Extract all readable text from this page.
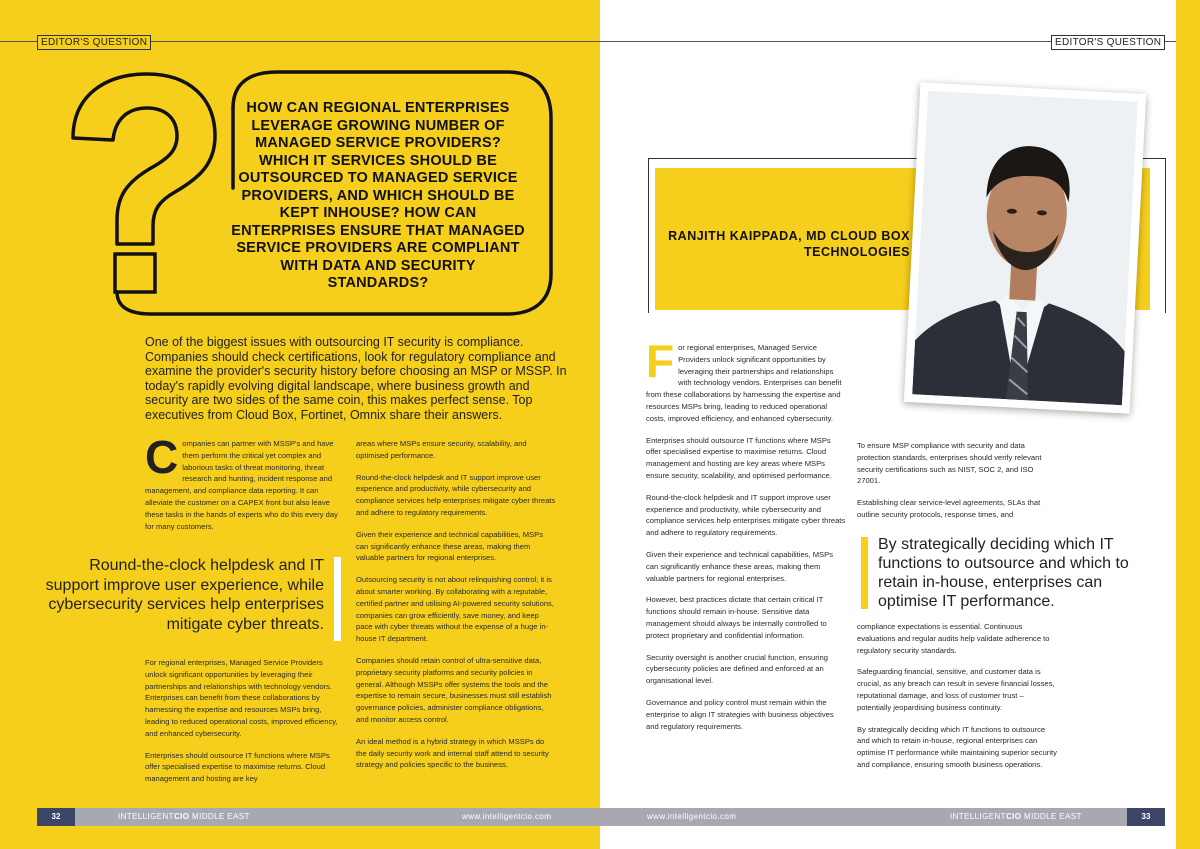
EDITOR'S QUESTION	EDITOR'S QUESTION
HOW CAN REGIONAL ENTERPRISES LEVERAGE GROWING NUMBER OF MANAGED SERVICE PROVIDERS? WHICH IT SERVICES SHOULD BE OUTSOURCED TO MANAGED SERVICE PROVIDERS, AND WHICH SHOULD BE KEPT INHOUSE? HOW CAN ENTERPRISES ENSURE THAT MANAGED SERVICE PROVIDERS ARE COMPLIANT WITH DATA AND SECURITY STANDARDS?
One of the biggest issues with outsourcing IT security is compliance. Companies should check certifications, look for regulatory compliance and examine the provider's security history before choosing an MSP or MSSP. In today's rapidly evolving digital landscape, where business growth and security are two sides of the same coin, this makes perfect sense. Top executives from Cloud Box, Fortinet, Omnix share their answers.

Companies can partner with MSSP's and have them perform the critical yet complex and laborious tasks of threat monitoring, threat research and hunting, incident response and management, and compliance data reporting. It can alleviate the customer on a CAPEX front but also leave these tasks in the hands of experts who do this every day for many customers.

For regional enterprises, Managed Service Providers unlock significant opportunities by leveraging their partnerships and relationships with technology vendors. Enterprises can benefit from these collaborations by harnessing the expertise and resources MSPs bring, leading to reduced operational costs, improved efficiency, and enhanced cybersecurity.

Enterprises should outsource IT functions where MSPs offer specialised expertise to maximise returns. Cloud management and hosting are key

Round-the-clock helpdesk and IT support improve user experience, while cybersecurity services help enterprises mitigate cyber threats.

areas where MSPs ensure security, scalability, and optimised performance.

Round-the-clock helpdesk and IT support improve user experience and productivity, while cybersecurity and compliance services help enterprises mitigate cyber threats and adhere to regulatory requirements.

Given their experience and technical capabilities, MSPs can significantly enhance these areas, making them valuable partners for regional enterprises.

Outsourcing security is not about relinquishing control; it is about smarter working. By collaborating with a reputable, certified partner and utilising AI-powered security solutions, companies can grow efficiently, save money, and keep pace with cyber threats without the expense of a huge in-house IT department.

Companies should retain control of ultra-sensitive data, proprietary security platforms and security policies in general. Although MSSPs offer systems the tools and the expertise to remain secure, businesses must still establish governance policies, administer compliance obligations, and monitor access control.

An ideal method is a hybrid strategy in which MSSPs do the daily security work and internal staff attend to security strategy and policies specific to the business.

RANJITH KAIPPADA, MD CLOUD BOX TECHNOLOGIES

For regional enterprises, Managed Service Providers unlock significant opportunities by leveraging their partnerships and relationships with technology vendors. Enterprises can benefit from these collaborations by harnessing the expertise and resources MSPs bring, leading to reduced operational costs, improved efficiency, and enhanced cybersecurity.

Enterprises should outsource IT functions where MSPs offer specialised expertise to maximise returns. Cloud management and hosting are key areas where MSPs ensure security, scalability, and optimised performance.

Round-the-clock helpdesk and IT support improve user experience and productivity, while cybersecurity and compliance services help enterprises mitigate cyber threats and adhere to regulatory requirements.

Given their experience and technical capabilities, MSPs can significantly enhance these areas, making them valuable partners for regional enterprises.

However, best practices dictate that certain critical IT functions should remain in-house. Sensitive data management should always be internally controlled to protect proprietary and confidential information.

Security oversight is another crucial function, ensuring cybersecurity policies are defined and enforced at an organisational level.

Governance and policy control must remain within the enterprise to align IT strategies with business objectives and regulatory requirements.

To ensure MSP compliance with security and data protection standards, enterprises should verify relevant security certifications such as NIST, SOC 2, and ISO 27001.

Establishing clear service-level agreements, SLAs that outline security protocols, response times, and

By strategically deciding which IT functions to outsource and which to retain in-house, enterprises can optimise IT performance.

compliance expectations is essential. Continuous evaluations and regular audits help validate adherence to regulatory security standards.

Safeguarding financial, sensitive, and customer data is crucial, as any breach can result in severe financial losses, reputational damage, and loss of customer trust – potentially jeopardising business continuity.

By strategically deciding which IT functions to outsource and which to retain in-house, regional enterprises can optimise IT performance while maintaining superior security and compliance, ensuring smooth business operations.

32	33
INTELLIGENTCIO MIDDLE EAST	www.intelligentcio.com	www.intelligentcio.com	INTELLIGENTCIO MIDDLE EAST
